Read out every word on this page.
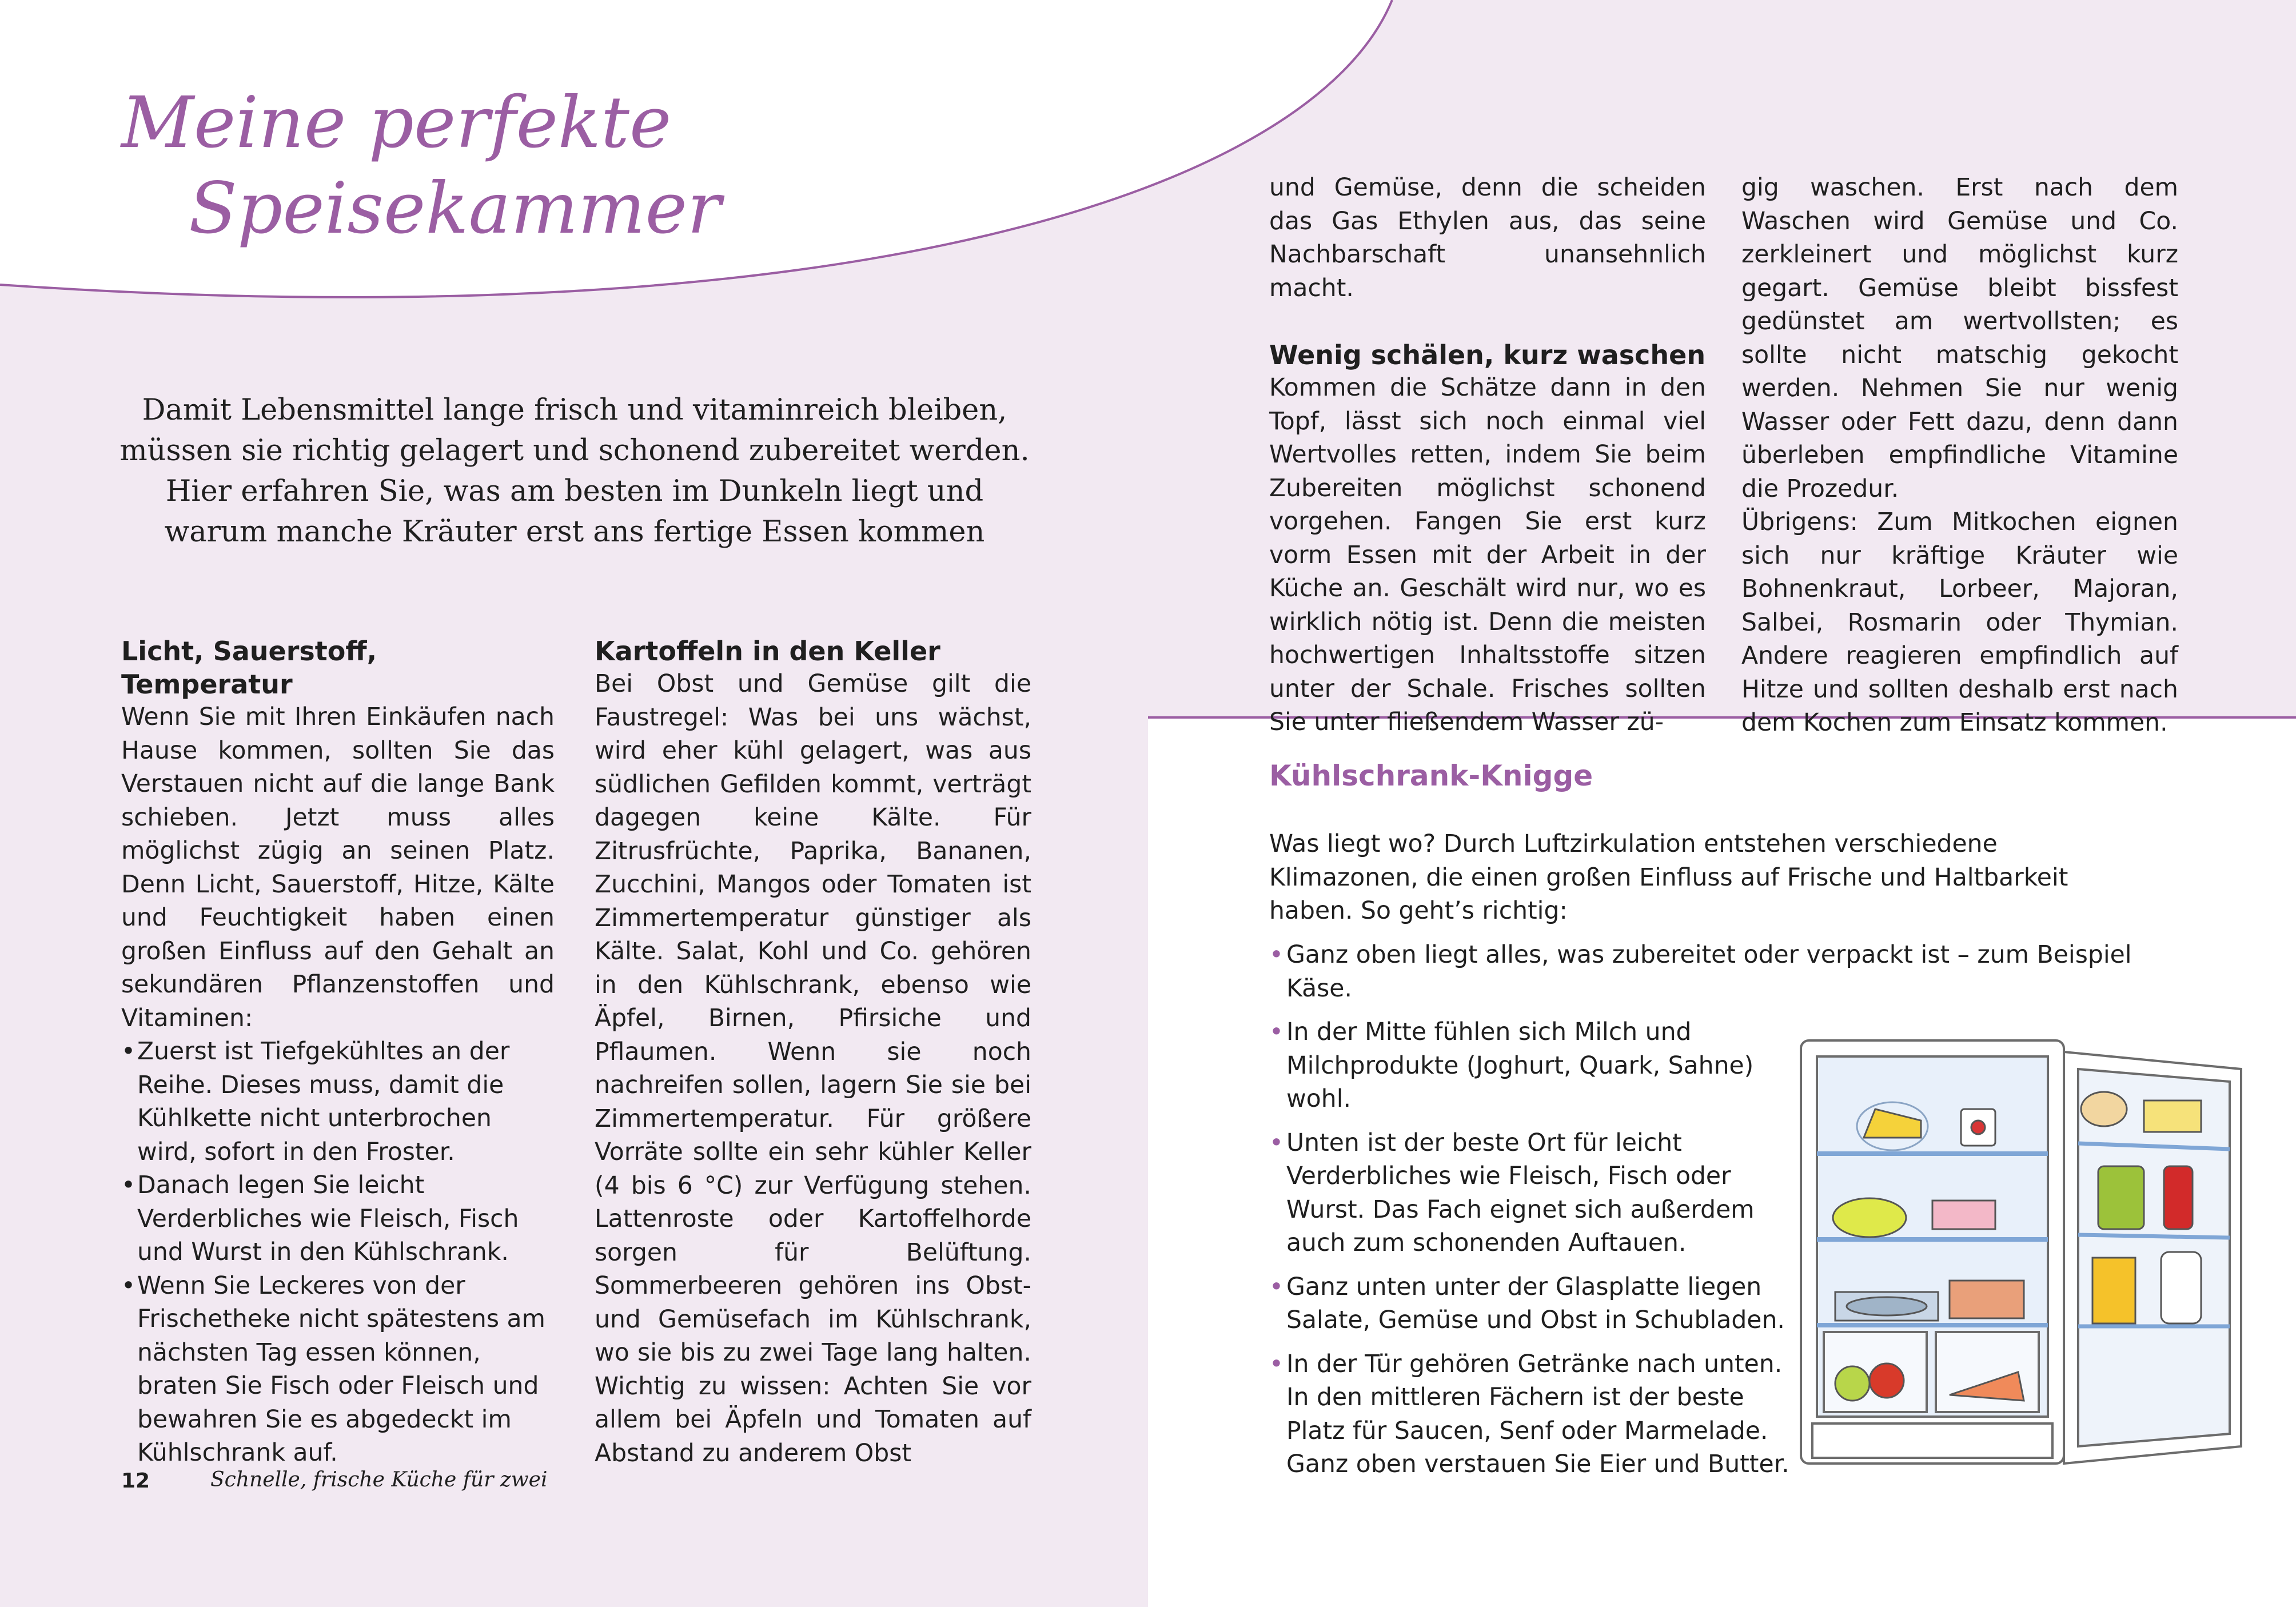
Meine perfekte
Speisekammer

Damit Lebensmittel lange frisch und vitaminreich bleiben, müssen sie richtig gelagert und schonend zubereitet werden. Hier erfahren Sie, was am besten im Dunkeln liegt und warum manche Kräuter erst ans fertige Essen kommen

Licht, Sauerstoff, Temperatur

Wenn Sie mit Ihren Einkäufen nach Hause kommen, sollten Sie das Verstauen nicht auf die lange Bank schieben. Jetzt muss alles möglichst zügig an seinen Platz. Denn Licht, Sauerstoff, Hitze, Kälte und Feuchtigkeit haben einen großen Einfluss auf den Gehalt an sekundären Pflanzenstoffen und Vitaminen:

• Zuerst ist Tiefgekühltes an der Reihe. Dieses muss, damit die Kühlkette nicht unterbrochen wird, sofort in den Froster.
• Danach legen Sie leicht Verderbliches wie Fleisch, Fisch und Wurst in den Kühlschrank.
• Wenn Sie Leckeres von der Frischetheke nicht spätestens am nächsten Tag essen können, braten Sie Fisch oder Fleisch und bewahren Sie es abgedeckt im Kühlschrank auf.
Kartoffeln in den Keller

Bei Obst und Gemüse gilt die Faustregel: Was bei uns wächst, wird eher kühl gelagert, was aus südlichen Gefilden kommt, verträgt dagegen keine Kälte. Für Zitrusfrüchte, Paprika, Bananen, Zucchini, Mangos oder Tomaten ist Zimmertemperatur günstiger als Kälte. Salat, Kohl und Co. gehören in den Kühlschrank, ebenso wie Äpfel, Birnen, Pfirsiche und Pflaumen. Wenn sie noch nachreifen sollen, lagern Sie sie bei Zimmertemperatur. Für größere Vorräte sollte ein sehr kühler Keller (4 bis 6 °C) zur Verfügung stehen. Lattenroste oder Kartoffelhorde sorgen für Belüftung. Sommerbeeren gehören ins Obst- und Gemüsefach im Kühlschrank, wo sie bis zu zwei Tage lang halten. Wichtig zu wissen: Achten Sie vor allem bei Äpfeln und Tomaten auf Abstand zu anderem Obst

und Gemüse, denn die scheiden das Gas Ethylen aus, das seine Nachbarschaft unansehnlich macht.

Wenig schälen, kurz waschen

Kommen die Schätze dann in den Topf, lässt sich noch einmal viel Wertvolles retten, indem Sie beim Zubereiten möglichst schonend vorgehen. Fangen Sie erst kurz vorm Essen mit der Arbeit in der Küche an. Geschält wird nur, wo es wirklich nötig ist. Denn die meisten hochwertigen Inhaltsstoffe sitzen unter der Schale. Frisches sollten Sie unter fließendem Wasser zü-

gig waschen. Erst nach dem Waschen wird Gemüse und Co. zerkleinert und möglichst kurz gegart. Gemüse bleibt bissfest gedünstet am wertvollsten; es sollte nicht matschig gekocht werden. Nehmen Sie nur wenig Wasser oder Fett dazu, denn dann überleben empfindliche Vitamine die Prozedur.

Übrigens: Zum Mitkochen eignen sich nur kräftige Kräuter wie Bohnenkraut, Lorbeer, Majoran, Salbei, Rosmarin oder Thymian. Andere reagieren empfindlich auf Hitze und sollten deshalb erst nach dem Kochen zum Einsatz kommen.

Kühlschrank-Knigge

Was liegt wo? Durch Luftzirkulation entstehen verschiedene Klimazonen, die einen großen Einfluss auf Frische und Haltbarkeit haben. So geht’s richtig:

• Ganz oben liegt alles, was zubereitet oder verpackt ist – zum Beispiel Käse.
• In der Mitte fühlen sich Milch und Milchprodukte (Joghurt, Quark, Sahne) wohl.
• Unten ist der beste Ort für leicht Verderbliches wie Fleisch, Fisch oder Wurst. Das Fach eignet sich außerdem auch zum schonenden Auftauen.
• Ganz unten unter der Glasplatte liegen Salate, Gemüse und Obst in Schubladen.
• In der Tür gehören Getränke nach unten. In den mittleren Fächern ist der beste Platz für Saucen, Senf oder Marmelade. Ganz oben verstauen Sie Eier und Butter.
12	Schnelle, frische Küche für zwei
